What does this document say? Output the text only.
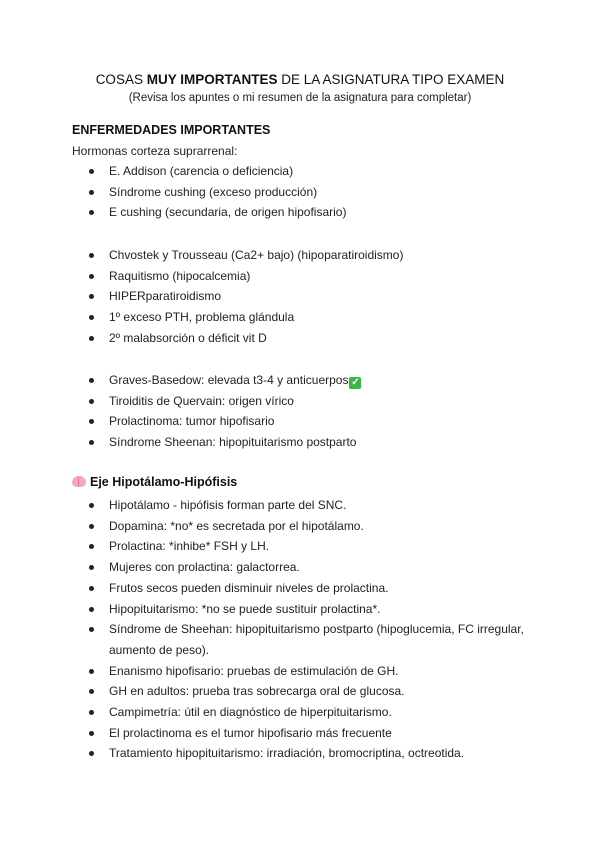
COSAS MUY IMPORTANTES DE LA ASIGNATURA TIPO EXAMEN
(Revisa los apuntes o mi resumen de la asignatura para completar)
ENFERMEDADES IMPORTANTES
Hormonas corteza suprarrenal:
E. Addison (carencia o deficiencia)
Síndrome cushing (exceso producción)
E cushing (secundaria, de origen hipofisario)
Chvostek y Trousseau (Ca2+ bajo) (hipoparatiroidismo)
Raquitismo (hipocalcemia)
HIPERparatiroidismo
1º exceso PTH, problema glándula
2º malabsorción o déficit vit D
Graves-Basedow: elevada t3-4 y anticuerpos ✓
Tiroiditis de Quervain: origen vírico
Prolactinoma: tumor hipofisario
Síndrome Sheenan: hipopituitarismo postparto
Eje Hipotálamo-Hipófisis
Hipotálamo - hipófisis forman parte del SNC.
Dopamina: *no* es secretada por el hipotálamo.
Prolactina: *inhibe* FSH y LH.
Mujeres con prolactina: galactorrea.
Frutos secos pueden disminuir niveles de prolactina.
Hipopituitarismo: *no se puede sustituir prolactina*.
Síndrome de Sheehan: hipopituitarismo postparto (hipoglucemia, FC irregular, aumento de peso).
Enanismo hipofisario: pruebas de estimulación de GH.
GH en adultos: prueba tras sobrecarga oral de glucosa.
Campimetría: útil en diagnóstico de hiperpituitarismo.
El prolactinoma es el tumor hipofisario más frecuente
Tratamiento hipopituitarismo: irradiación, bromocriptina, octreotida.
